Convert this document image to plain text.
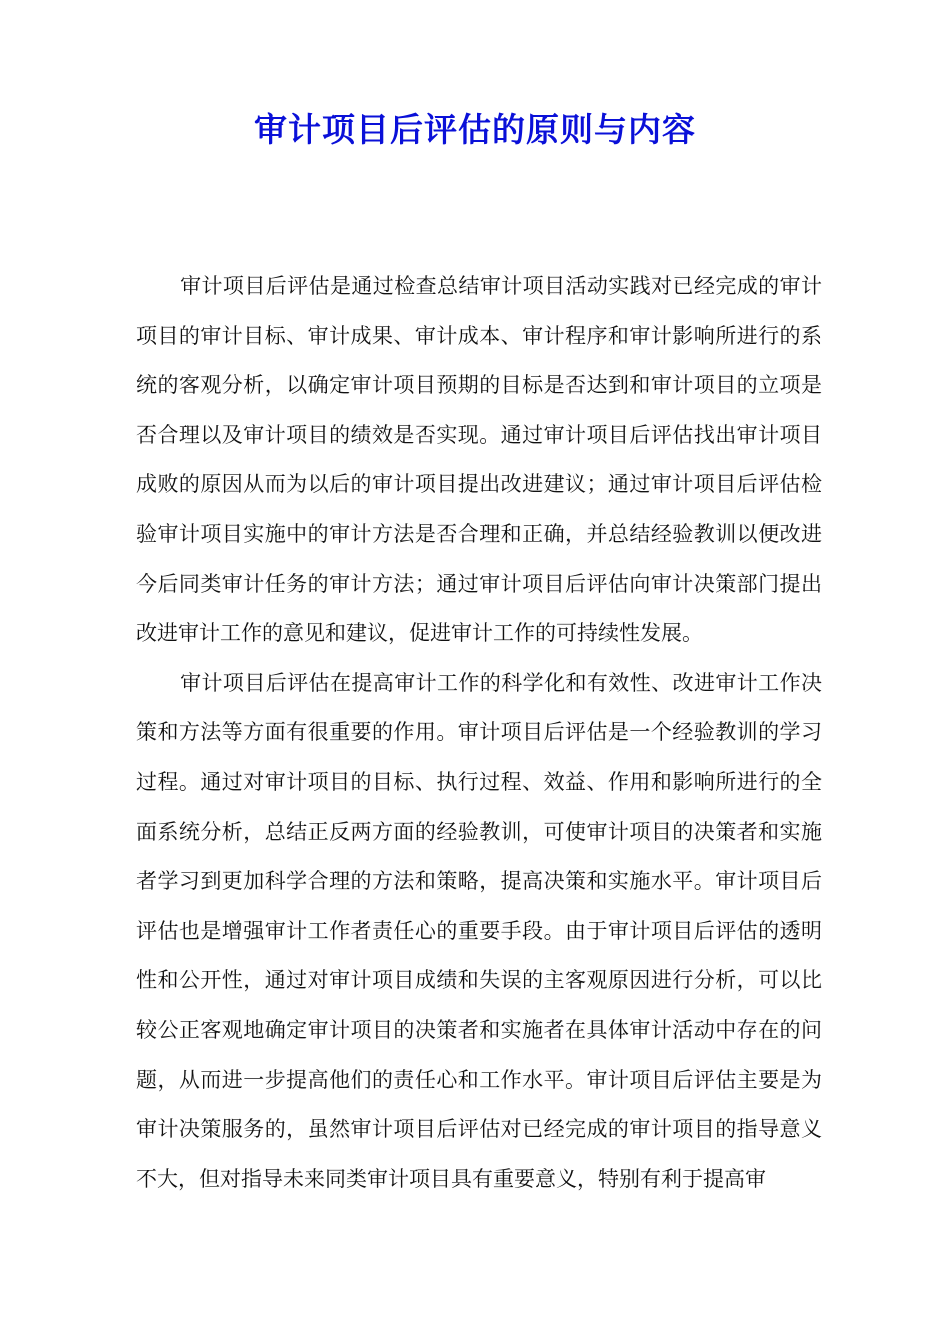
审计项目后评估的原则与内容

审计项目后评估是通过检查总结审计项目活动实践对已经完成的审计项目的审计目标、审计成果、审计成本、审计程序和审计影响所进行的系统的客观分析，以确定审计项目预期的目标是否达到和审计项目的立项是否合理以及审计项目的绩效是否实现。通过审计项目后评估找出审计项目成败的原因从而为以后的审计项目提出改进建议；通过审计项目后评估检验审计项目实施中的审计方法是否合理和正确，并总结经验教训以便改进今后同类审计任务的审计方法；通过审计项目后评估向审计决策部门提出改进审计工作的意见和建议，促进审计工作的可持续性发展。

审计项目后评估在提高审计工作的科学化和有效性、改进审计工作决策和方法等方面有很重要的作用。审计项目后评估是一个经验教训的学习过程。通过对审计项目的目标、执行过程、效益、作用和影响所进行的全面系统分析，总结正反两方面的经验教训，可使审计项目的决策者和实施者学习到更加科学合理的方法和策略，提高决策和实施水平。审计项目后评估也是增强审计工作者责任心的重要手段。由于审计项目后评估的透明性和公开性，通过对审计项目成绩和失误的主客观原因进行分析，可以比较公正客观地确定审计项目的决策者和实施者在具体审计活动中存在的问题，从而进一步提高他们的责任心和工作水平。审计项目后评估主要是为审计决策服务的，虽然审计项目后评估对已经完成的审计项目的指导意义不大，但对指导未来同类审计项目具有重要意义，特别有利于提高审
